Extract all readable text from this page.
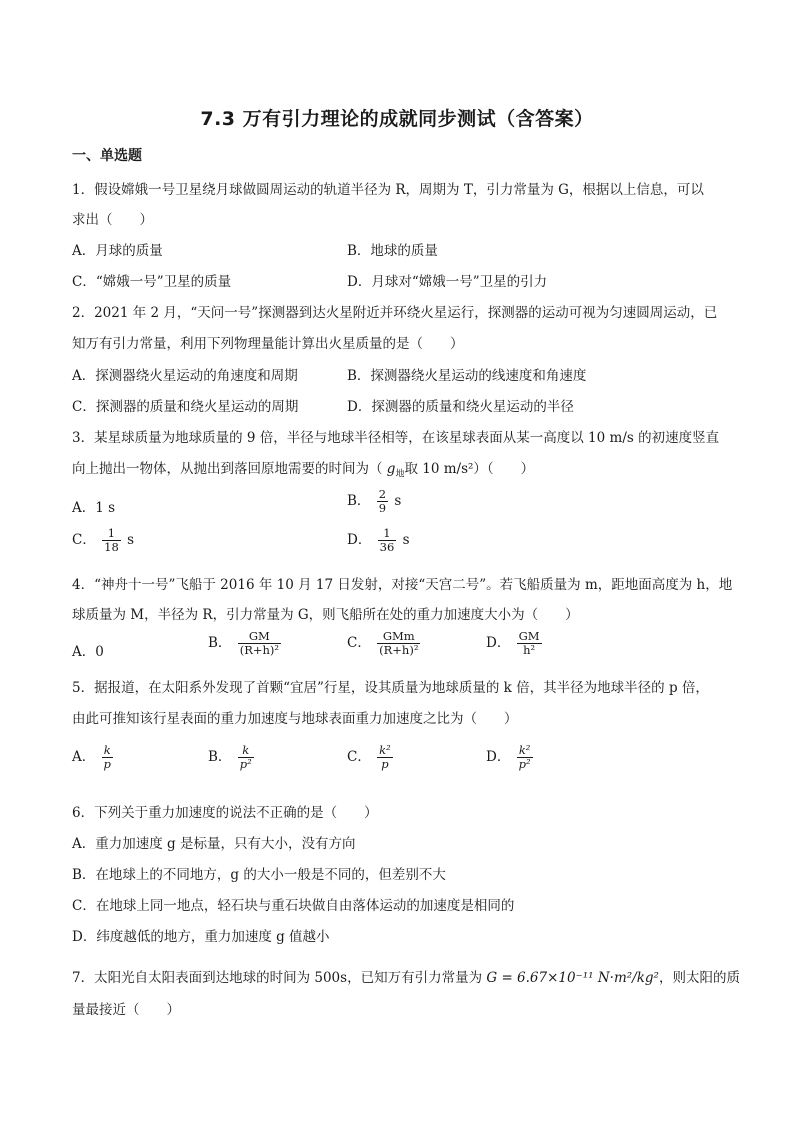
7.3 万有引力理论的成就同步测试（含答案）
一、单选题
1．假设嫦娥一号卫星绕月球做圆周运动的轨道半径为 R，周期为 T，引力常量为 G，根据以上信息，可以
求出（　　）
A．月球的质量	B．地球的质量
C．“嫦娥一号”卫星的质量	D．月球对“嫦娥一号”卫星的引力
2．2021 年 2 月，“天问一号”探测器到达火星附近并环绕火星运行，探测器的运动可视为匀速圆周运动，已
知万有引力常量，利用下列物理量能计算出火星质量的是（　　）
A．探测器绕火星运动的角速度和周期	B．探测器绕火星运动的线速度和角速度
C．探测器的质量和绕火星运动的周期	D．探测器的质量和绕火星运动的半径
3．某星球质量为地球质量的 9 倍，半径与地球半径相等，在该星球表面从某一高度以 10 m/s 的初速度竖直
向上抛出一物体，从抛出到落回原地需要的时间为（ $g_地$取 10 m/s²）（　　）
A．1 s	B． $\frac{2}{9}$ s
C． $\frac{1}{18}$ s	D． $\frac{1}{36}$ s
4．“神舟十一号”飞船于 2016 年 10 月 17 日发射，对接“天宫二号”。若飞船质量为 m，距地面高度为 h，地
球质量为 M，半径为 R，引力常量为 G，则飞船所在处的重力加速度大小为（　　）
A．0
B． $\frac{GM}{\text{(R+h)²}}$	C． $\frac{\text{GMm}}{\text{(R+h)²}}$	D． $\frac{GM}{\text{h²}}$
5．据报道，在太阳系外发现了首颗“宜居”行星，设其质量为地球质量的 k 倍，其半径为地球半径的 p 倍，
由此可推知该行星表面的重力加速度与地球表面重力加速度之比为（　　）
A． $\frac{k}{p}$	B． $\frac{k}{\text{p²}}$	C． $\frac{\text{k²}}{p}$	D． $\frac{\text{k²}}{\text{p²}}$
6．下列关于重力加速度的说法不正确的是（　　）
A．重力加速度 g 是标量，只有大小，没有方向
B．在地球上的不同地方，g 的大小一般是不同的，但差别不大
C．在地球上同一地点，轻石块与重石块做自由落体运动的加速度是相同的
D．纬度越低的地方，重力加速度 g 值越小
7．太阳光自太阳表面到达地球的时间为 500s，已知万有引力常量为 G = 6.67×10⁻¹¹ N·m²/kg²，则太阳的质
量最接近（　　）
